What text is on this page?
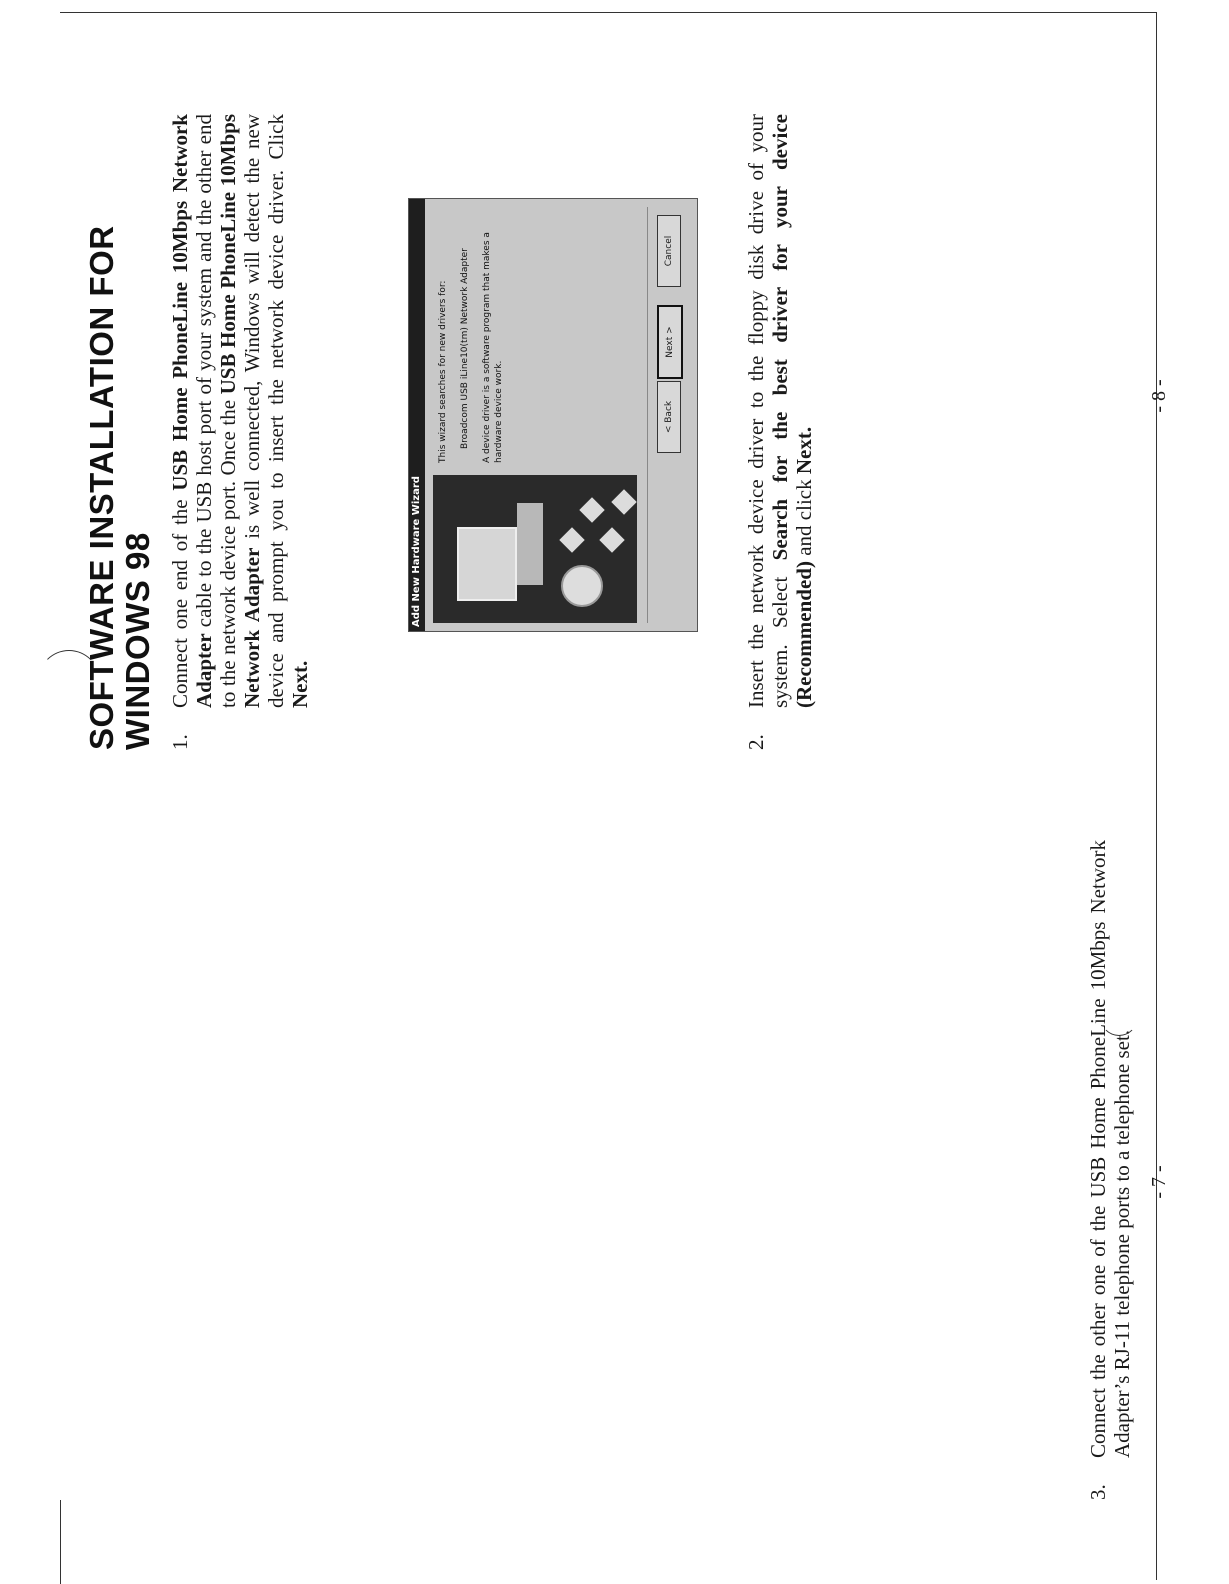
3.
Connect the other one of the USB Home PhoneLine 10Mbps Network Adapter’s RJ-11 telephone ports to a telephone set. - 7 -
SOFTWARE INSTALLATION FOR WINDOWS 98 1.
Connect one end of the USB Home PhoneLine 10Mbps Network Adapter cable to the USB host port of your system and the other end to the network device port. Once the USB Home PhoneLine 10Mbps Network Adapter is well connected, Windows will detect the new device and prompt you to insert the network device driver. Click Next.
Add New Hardware Wizard

This wizard searches for new drivers for: Broadcom USB iLine10(tm) Network Adapter A device driver is a software program that makes a hardware device work.	< Back
Next >
Cancel
2.
Insert the network device driver to the floppy disk drive of your system. Select Search for the best driver for your device (Recommended) and click Next.
- 8 -
